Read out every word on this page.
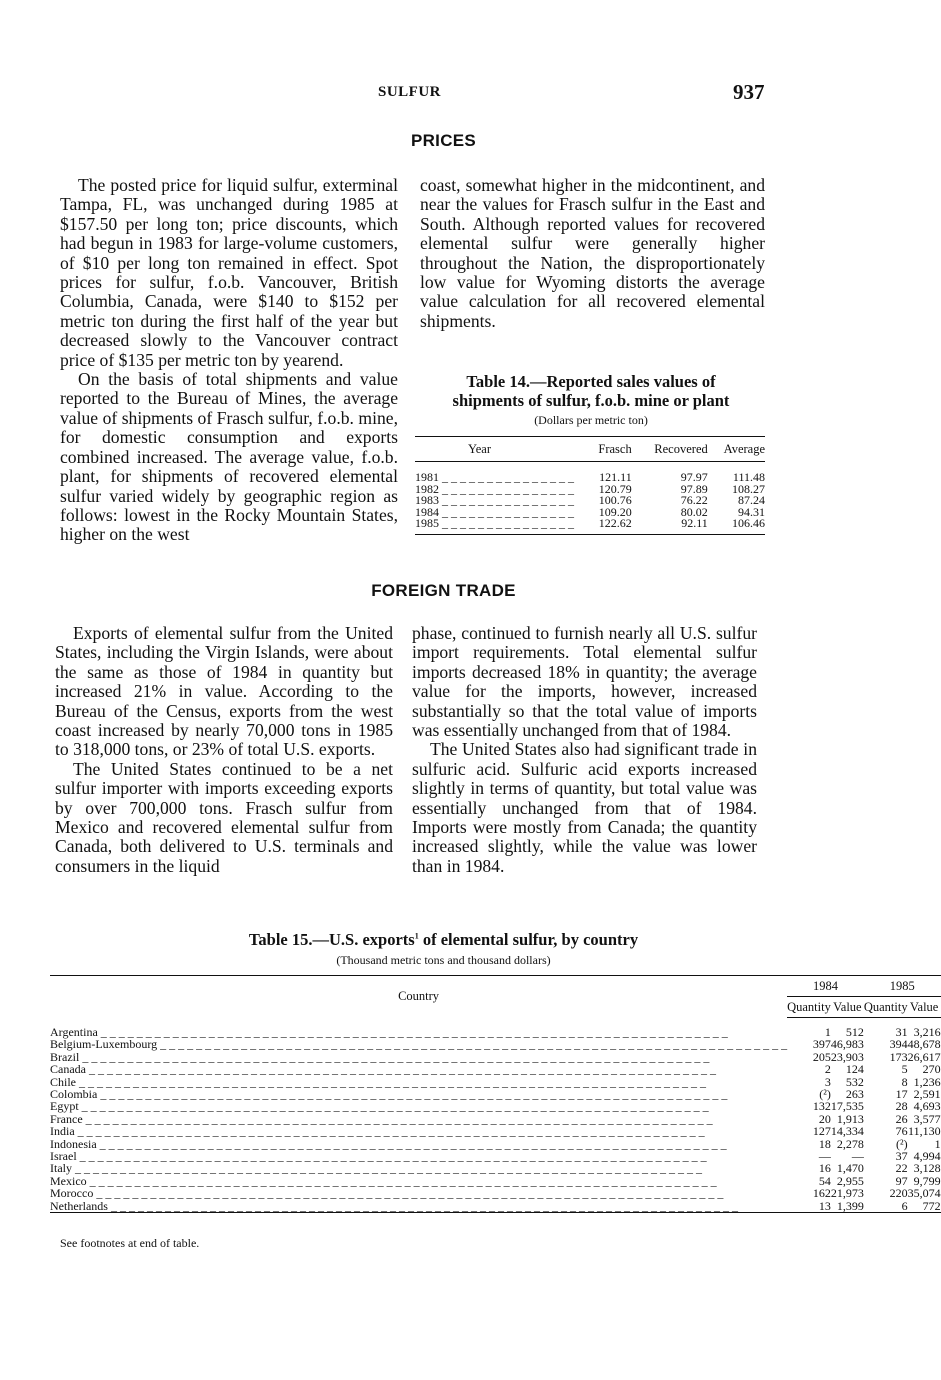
SULFUR	937
PRICES

The posted price for liquid sulfur, exterminal Tampa, FL, was unchanged during 1985 at $157.50 per long ton; price discounts, which had begun in 1983 for large-volume customers, of $10 per long ton remained in effect. Spot prices for sulfur, f.o.b. Vancouver, British Columbia, Canada, were $140 to $152 per metric ton during the first half of the year but decreased slowly to the Vancouver contract price of $135 per metric ton by yearend.

On the basis of total shipments and value reported to the Bureau of Mines, the average value of shipments of Frasch sulfur, f.o.b. mine, for domestic consumption and exports combined increased. The average value, f.o.b. plant, for shipments of recovered elemental sulfur varied widely by geographic region as follows: lowest in the Rocky Mountain States, higher on the west

coast, somewhat higher in the midcontinent, and near the values for Frasch sulfur in the East and South. Although reported values for recovered elemental sulfur were generally higher throughout the Nation, the disproportionately low value for Wyoming distorts the average value calculation for all recovered elemental shipments.

Table 14.—Reported sales values of
shipments of sulfur, f.o.b. mine or plant
(Dollars per metric ton)
Year	Frasch	Recovered	Average
1981 _ _ _ _ _ _ _ _ _ _ _ _ _ _ _	121.11	97.97	111.48
1982 _ _ _ _ _ _ _ _ _ _ _ _ _ _ _	120.79	97.89	108.27
1983 _ _ _ _ _ _ _ _ _ _ _ _ _ _ _	100.76	76.22	87.24
1984 _ _ _ _ _ _ _ _ _ _ _ _ _ _ _	109.20	80.02	94.31
1985 _ _ _ _ _ _ _ _ _ _ _ _ _ _ _	122.62	92.11	106.46
FOREIGN TRADE

Exports of elemental sulfur from the United States, including the Virgin Islands, were about the same as those of 1984 in quantity but increased 21% in value. According to the Bureau of the Census, exports from the west coast increased by nearly 70,000 tons in 1985 to 318,000 tons, or 23% of total U.S. exports.

The United States continued to be a net sulfur importer with imports exceeding exports by over 700,000 tons. Frasch sulfur from Mexico and recovered elemental sulfur from Canada, both delivered to U.S. terminals and consumers in the liquid

phase, continued to furnish nearly all U.S. sulfur import requirements. Total elemental sulfur imports decreased 18% in quantity; the average value for the imports, however, increased substantially so that the total value of imports was essentially unchanged from that of 1984.

The United States also had significant trade in sulfuric acid. Sulfuric acid exports increased slightly in terms of quantity, but total value was essentially unchanged from that of 1984. Imports were mostly from Canada; the quantity increased slightly, while the value was lower than in 1984.

Table 15.—U.S. exports$^1$ of elemental sulfur, by country
(Thousand metric tons and thousand dollars)
Country		1984		1985	
	Quantity	Value		Quantity	Value
Argentina _ _ _ _ _ _ _ _ _ _ _ _ _ _ _ _ _ _ _ _ _ _ _ _ _ _ _ _ _ _ _ _ _ _ _ _ _ _ _ _ _ _ _ _ _ _ _ _ _ _ _ _ _ _ _ _ _ _ _ _ _ _ _ _ _ _ _ _ _ _		1	512		31	3,216
Belgium-Luxembourg _ _ _ _ _ _ _ _ _ _ _ _ _ _ _ _ _ _ _ _ _ _ _ _ _ _ _ _ _ _ _ _ _ _ _ _ _ _ _ _ _ _ _ _ _ _ _ _ _ _ _ _ _ _ _ _ _ _ _ _ _ _ _ _ _ _ _ _ _ _		397	46,983		394	48,678
Brazil _ _ _ _ _ _ _ _ _ _ _ _ _ _ _ _ _ _ _ _ _ _ _ _ _ _ _ _ _ _ _ _ _ _ _ _ _ _ _ _ _ _ _ _ _ _ _ _ _ _ _ _ _ _ _ _ _ _ _ _ _ _ _ _ _ _ _ _ _ _		205	23,903		173	26,617
Canada _ _ _ _ _ _ _ _ _ _ _ _ _ _ _ _ _ _ _ _ _ _ _ _ _ _ _ _ _ _ _ _ _ _ _ _ _ _ _ _ _ _ _ _ _ _ _ _ _ _ _ _ _ _ _ _ _ _ _ _ _ _ _ _ _ _ _ _ _ _		2	124		5	270
Chile _ _ _ _ _ _ _ _ _ _ _ _ _ _ _ _ _ _ _ _ _ _ _ _ _ _ _ _ _ _ _ _ _ _ _ _ _ _ _ _ _ _ _ _ _ _ _ _ _ _ _ _ _ _ _ _ _ _ _ _ _ _ _ _ _ _ _ _ _ _		3	532		8	1,236
Colombia _ _ _ _ _ _ _ _ _ _ _ _ _ _ _ _ _ _ _ _ _ _ _ _ _ _ _ _ _ _ _ _ _ _ _ _ _ _ _ _ _ _ _ _ _ _ _ _ _ _ _ _ _ _ _ _ _ _ _ _ _ _ _ _ _ _ _ _ _ _		(²)	263		17	2,591
Egypt _ _ _ _ _ _ _ _ _ _ _ _ _ _ _ _ _ _ _ _ _ _ _ _ _ _ _ _ _ _ _ _ _ _ _ _ _ _ _ _ _ _ _ _ _ _ _ _ _ _ _ _ _ _ _ _ _ _ _ _ _ _ _ _ _ _ _ _ _ _		132	17,535		28	4,693
France _ _ _ _ _ _ _ _ _ _ _ _ _ _ _ _ _ _ _ _ _ _ _ _ _ _ _ _ _ _ _ _ _ _ _ _ _ _ _ _ _ _ _ _ _ _ _ _ _ _ _ _ _ _ _ _ _ _ _ _ _ _ _ _ _ _ _ _ _ _		20	1,913		26	3,577
India _ _ _ _ _ _ _ _ _ _ _ _ _ _ _ _ _ _ _ _ _ _ _ _ _ _ _ _ _ _ _ _ _ _ _ _ _ _ _ _ _ _ _ _ _ _ _ _ _ _ _ _ _ _ _ _ _ _ _ _ _ _ _ _ _ _ _ _ _ _		127	14,334		76	11,130
Indonesia _ _ _ _ _ _ _ _ _ _ _ _ _ _ _ _ _ _ _ _ _ _ _ _ _ _ _ _ _ _ _ _ _ _ _ _ _ _ _ _ _ _ _ _ _ _ _ _ _ _ _ _ _ _ _ _ _ _ _ _ _ _ _ _ _ _ _ _ _ _		18	2,278		(²)	1
Israel _ _ _ _ _ _ _ _ _ _ _ _ _ _ _ _ _ _ _ _ _ _ _ _ _ _ _ _ _ _ _ _ _ _ _ _ _ _ _ _ _ _ _ _ _ _ _ _ _ _ _ _ _ _ _ _ _ _ _ _ _ _ _ _ _ _ _ _ _ _		—	—		37	4,994
Italy _ _ _ _ _ _ _ _ _ _ _ _ _ _ _ _ _ _ _ _ _ _ _ _ _ _ _ _ _ _ _ _ _ _ _ _ _ _ _ _ _ _ _ _ _ _ _ _ _ _ _ _ _ _ _ _ _ _ _ _ _ _ _ _ _ _ _ _ _ _		16	1,470		22	3,128
Mexico _ _ _ _ _ _ _ _ _ _ _ _ _ _ _ _ _ _ _ _ _ _ _ _ _ _ _ _ _ _ _ _ _ _ _ _ _ _ _ _ _ _ _ _ _ _ _ _ _ _ _ _ _ _ _ _ _ _ _ _ _ _ _ _ _ _ _ _ _ _		54	2,955		97	9,799
Morocco _ _ _ _ _ _ _ _ _ _ _ _ _ _ _ _ _ _ _ _ _ _ _ _ _ _ _ _ _ _ _ _ _ _ _ _ _ _ _ _ _ _ _ _ _ _ _ _ _ _ _ _ _ _ _ _ _ _ _ _ _ _ _ _ _ _ _ _ _ _		162	21,973		220	35,074
Netherlands _ _ _ _ _ _ _ _ _ _ _ _ _ _ _ _ _ _ _ _ _ _ _ _ _ _ _ _ _ _ _ _ _ _ _ _ _ _ _ _ _ _ _ _ _ _ _ _ _ _ _ _ _ _ _ _ _ _ _ _ _ _ _ _ _ _ _ _ _ _		13	1,399		6	772
See footnotes at end of table.
